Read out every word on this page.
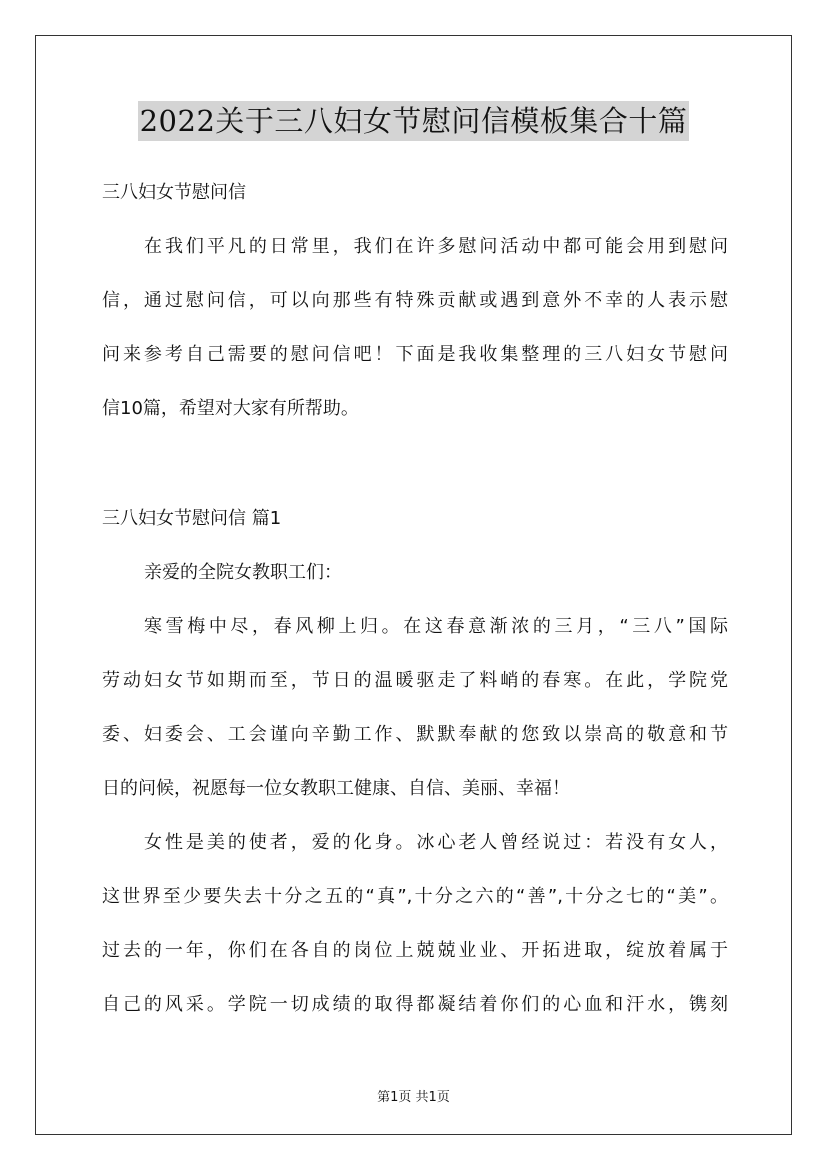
2022关于三八妇女节慰问信模板集合十篇
三八妇女节慰问信
在我们平凡的日常里，我们在许多慰问活动中都可能会用到慰问
信，通过慰问信，可以向那些有特殊贡献或遇到意外不幸的人表示慰
问来参考自己需要的慰问信吧！下面是我收集整理的三八妇女节慰问
信10篇，希望对大家有所帮助。
三八妇女节慰问信 篇1
亲爱的全院女教职工们：
寒雪梅中尽，春风柳上归。在这春意渐浓的三月，“三八”国际
劳动妇女节如期而至，节日的温暖驱走了料峭的春寒。在此，学院党
委、妇委会、工会谨向辛勤工作、默默奉献的您致以崇高的敬意和节
日的问候，祝愿每一位女教职工健康、自信、美丽、幸福！
女性是美的使者，爱的化身。冰心老人曾经说过：若没有女人，
这世界至少要失去十分之五的“真”,十分之六的“善”,十分之七的“美”。
过去的一年，你们在各自的岗位上兢兢业业、开拓进取，绽放着属于
自己的风采。学院一切成绩的取得都凝结着你们的心血和汗水，镌刻
第1页 共1页
